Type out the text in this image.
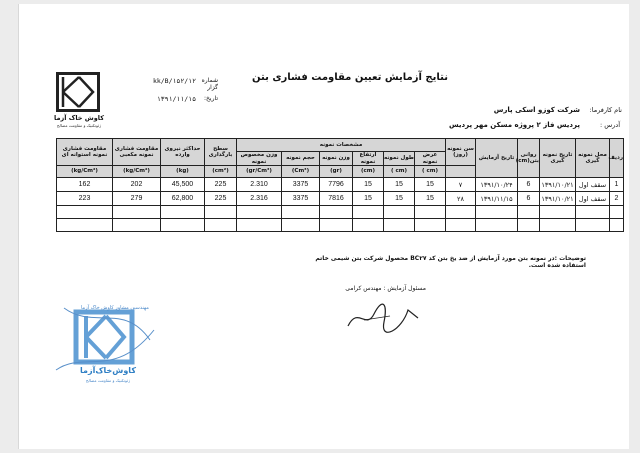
نتایج آزمایش تعیین مقاومت فشاری بتن
شماره گزار
۱۲/kk/B/۱۵۲
تاریخ:
۱۳۹۱/۱۱/۱۵
نام کارفرما:
شرکت کوزو اسکی پارس
آدرس :
پردیس فاز ۲ پروژه مسکن مهر پردیس
کاوش خاک آزما
ژئوتکنیک و مقاومت مصالح
ردیف	محل نمونه گیری	تاریخ نمونه گیری	روانی بتن(cm)	تاریخ آزمایش	سن نمونه (روز)	مشخصات نمونه						سطح بارگذاری	حداکثر نیروی وارده	مقاومت فشاری نمونه مکعبی	مقاومت فشاری نمونه استوانه ای
						عرض نمونه	طول نمونه	ارتفاع نمونه	وزن نمونه	حجم نمونه	وزن مخصوص نمونه				
						(cm )	(cm )	(cm)	(gr)	(Cm³)	(gr/Cm³)	(cm²)	(kg)	(kg/Cm²)	(kg/Cm²)
1	سقف اول	۱۳۹۱/۱۰/۲۱	6	۱۳۹۱/۱۰/۲۴	۷	15	15	15	7796	3375	2.310	225	45,500	202	162
2	سقف اول	۱۳۹۱/۱۰/۲۱	6	۱۳۹۱/۱۱/۱۵	۲۸	15	15	15	7816	3375	2.316	225	62,800	279	223

توضیحات :در نمونه بتن مورد آزمایش از ضد یخ بتن کد BC۲۷ محصول شرکت بتن شیمی خاتم استفاده شده است.
مسئول آزمایش : مهندس کرامی
مهندسین مشاور کاوش خاک آزما
کاوش‌خاک‌آزما
ژئوتکنیک و مقاومت مصالح
